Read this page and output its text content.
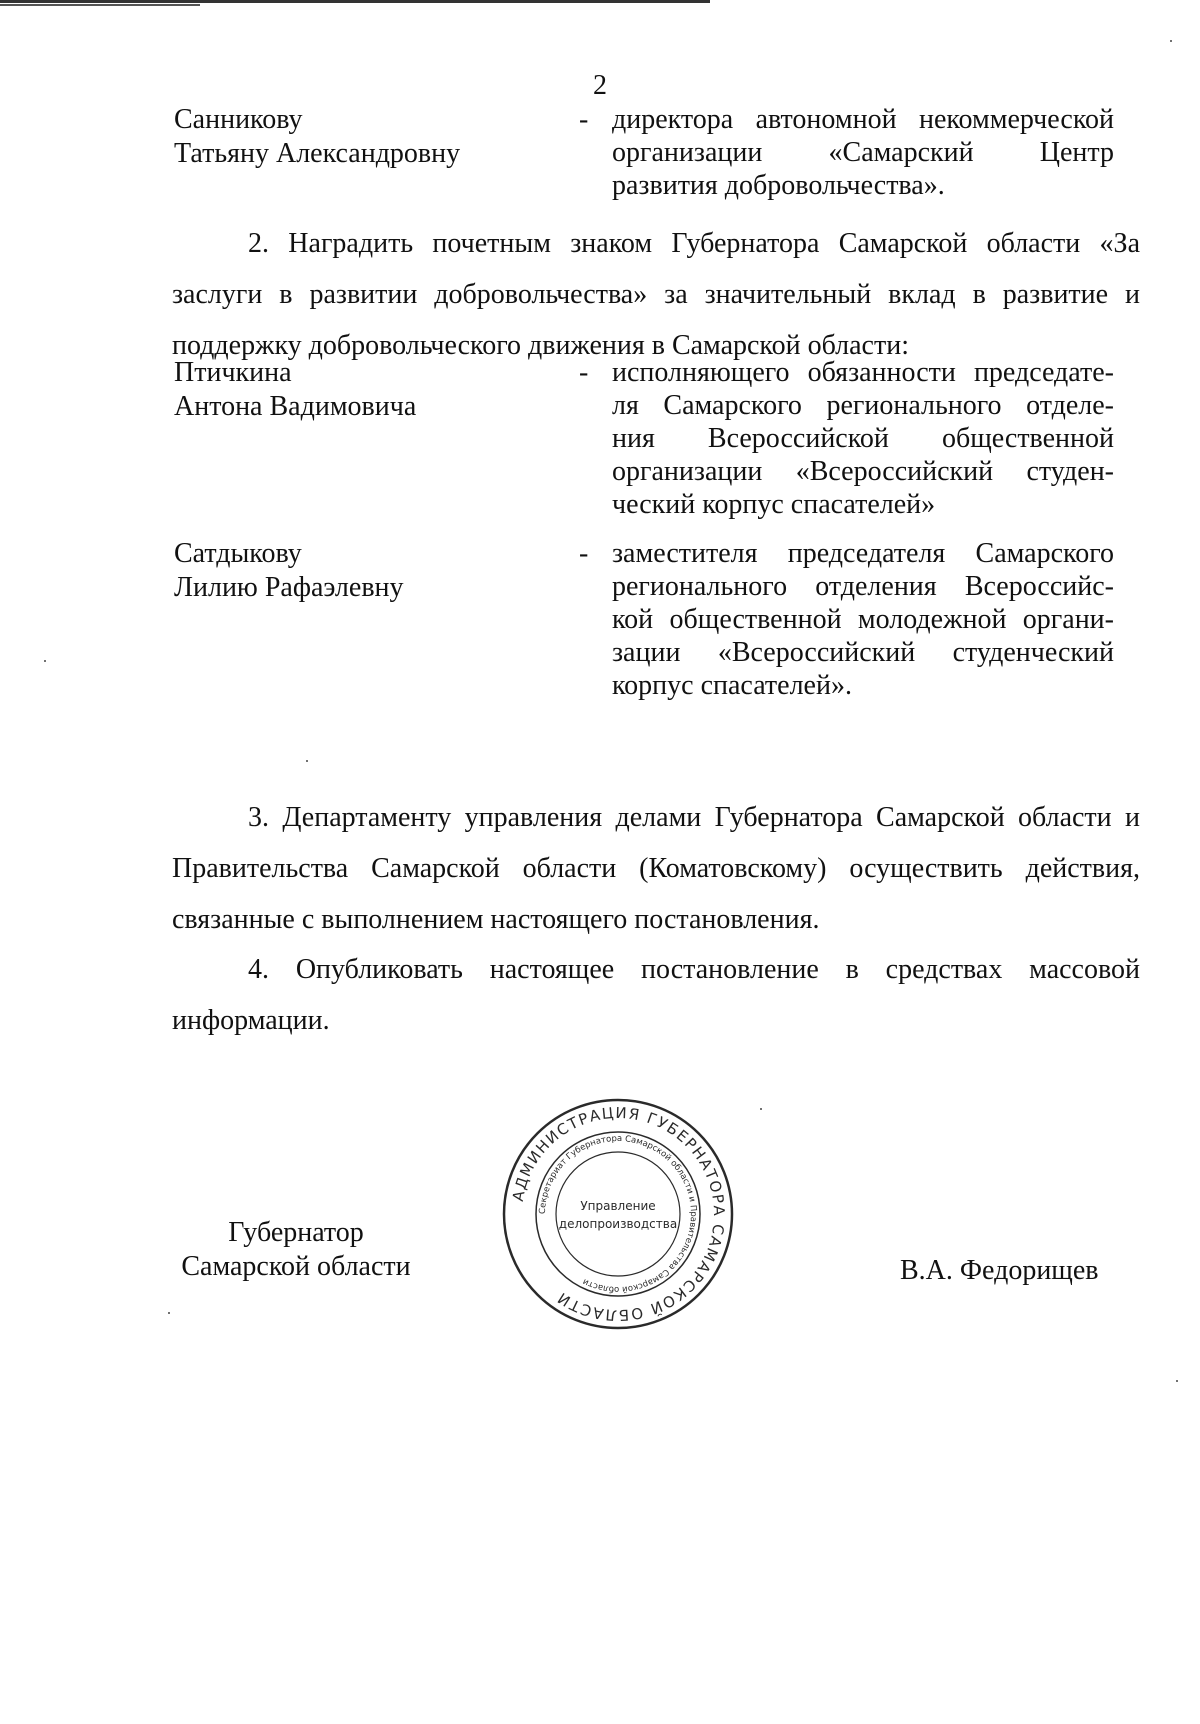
2
Санникову
Татьяну Александровну
- директора автономной некоммерческой
организации «Самарский Центр
развития добровольчества».
2. Наградить почетным знаком Губернатора Самарской области «За
заслуги в развитии добровольчества» за значительный вклад в развитие и
поддержку добровольческого движения в Самарской области:
Птичкина
Антона Вадимовича
- исполняющего обязанности председате-
ля Самарского регионального отделе-
ния Всероссийской общественной
организации «Всероссийский студен-
ческий корпус спасателей»
Сатдыкову
Лилию Рафаэлевну
- заместителя председателя Самарского
регионального отделения Всероссийс-
кой общественной молодежной органи-
зации «Всероссийский студенческий
корпус спасателей».
3. Департаменту управления делами Губернатора Самарской области и
Правительства Самарской области (Коматовскому) осуществить действия,
связанные с выполнением настоящего постановления.
4. Опубликовать настоящее постановление в средствах массовой
информации.
Губернатор
Самарской области	В.А. Федорищев
АДМИНИСТРАЦИЯ ГУБЕРНАТОРА САМАРСКОЙ ОБЛАСТИ
Секретариат Губернатора Самарской области и Правительства Самарской области
Управление
делопроизводства
